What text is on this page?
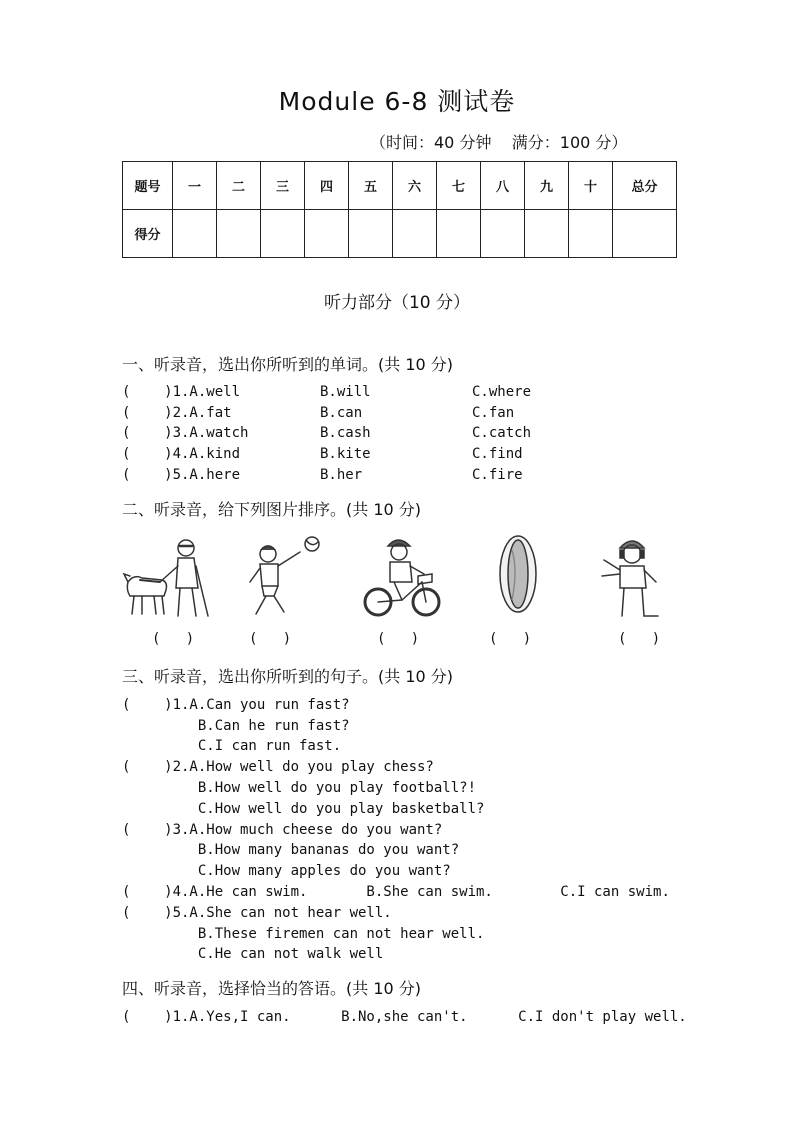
Module 6-8 测试卷
（时间：40 分钟    满分：100 分）
题号	一	二	三	四	五	六	七	八	九	十	总分
得分											
听力部分（10 分）
一、听录音，选出你所听到的单词。(共 10 分)
(    )1.A.well	B.will	C.where
(    )2.A.fat	B.can	C.fan
(    )3.A.watch	B.cash	C.catch
(    )4.A.kind	B.kite	C.find
(    )5.A.here	B.her	C.fire
二、听录音，给下列图片排序。(共 10 分)
(   )	(   )	(   )	(   )	(   )
三、听录音，选出你所听到的句子。(共 10 分)
(    )1.A.Can you run fast?
B.Can he run fast?
C.I can run fast.
(    )2.A.How well do you play chess?
B.How well do you play football?!
C.How well do you play basketball?
(    )3.A.How much cheese do you want?
B.How many bananas do you want?
C.How many apples do you want?
(    )4.A.He can swim.       B.She can swim.        C.I can swim.
(    )5.A.She can not hear well.
B.These firemen can not hear well.
C.He can not walk well
四、听录音，选择恰当的答语。(共 10 分)
(    )1.A.Yes,I can.      B.No,she can't.      C.I don't play well.
